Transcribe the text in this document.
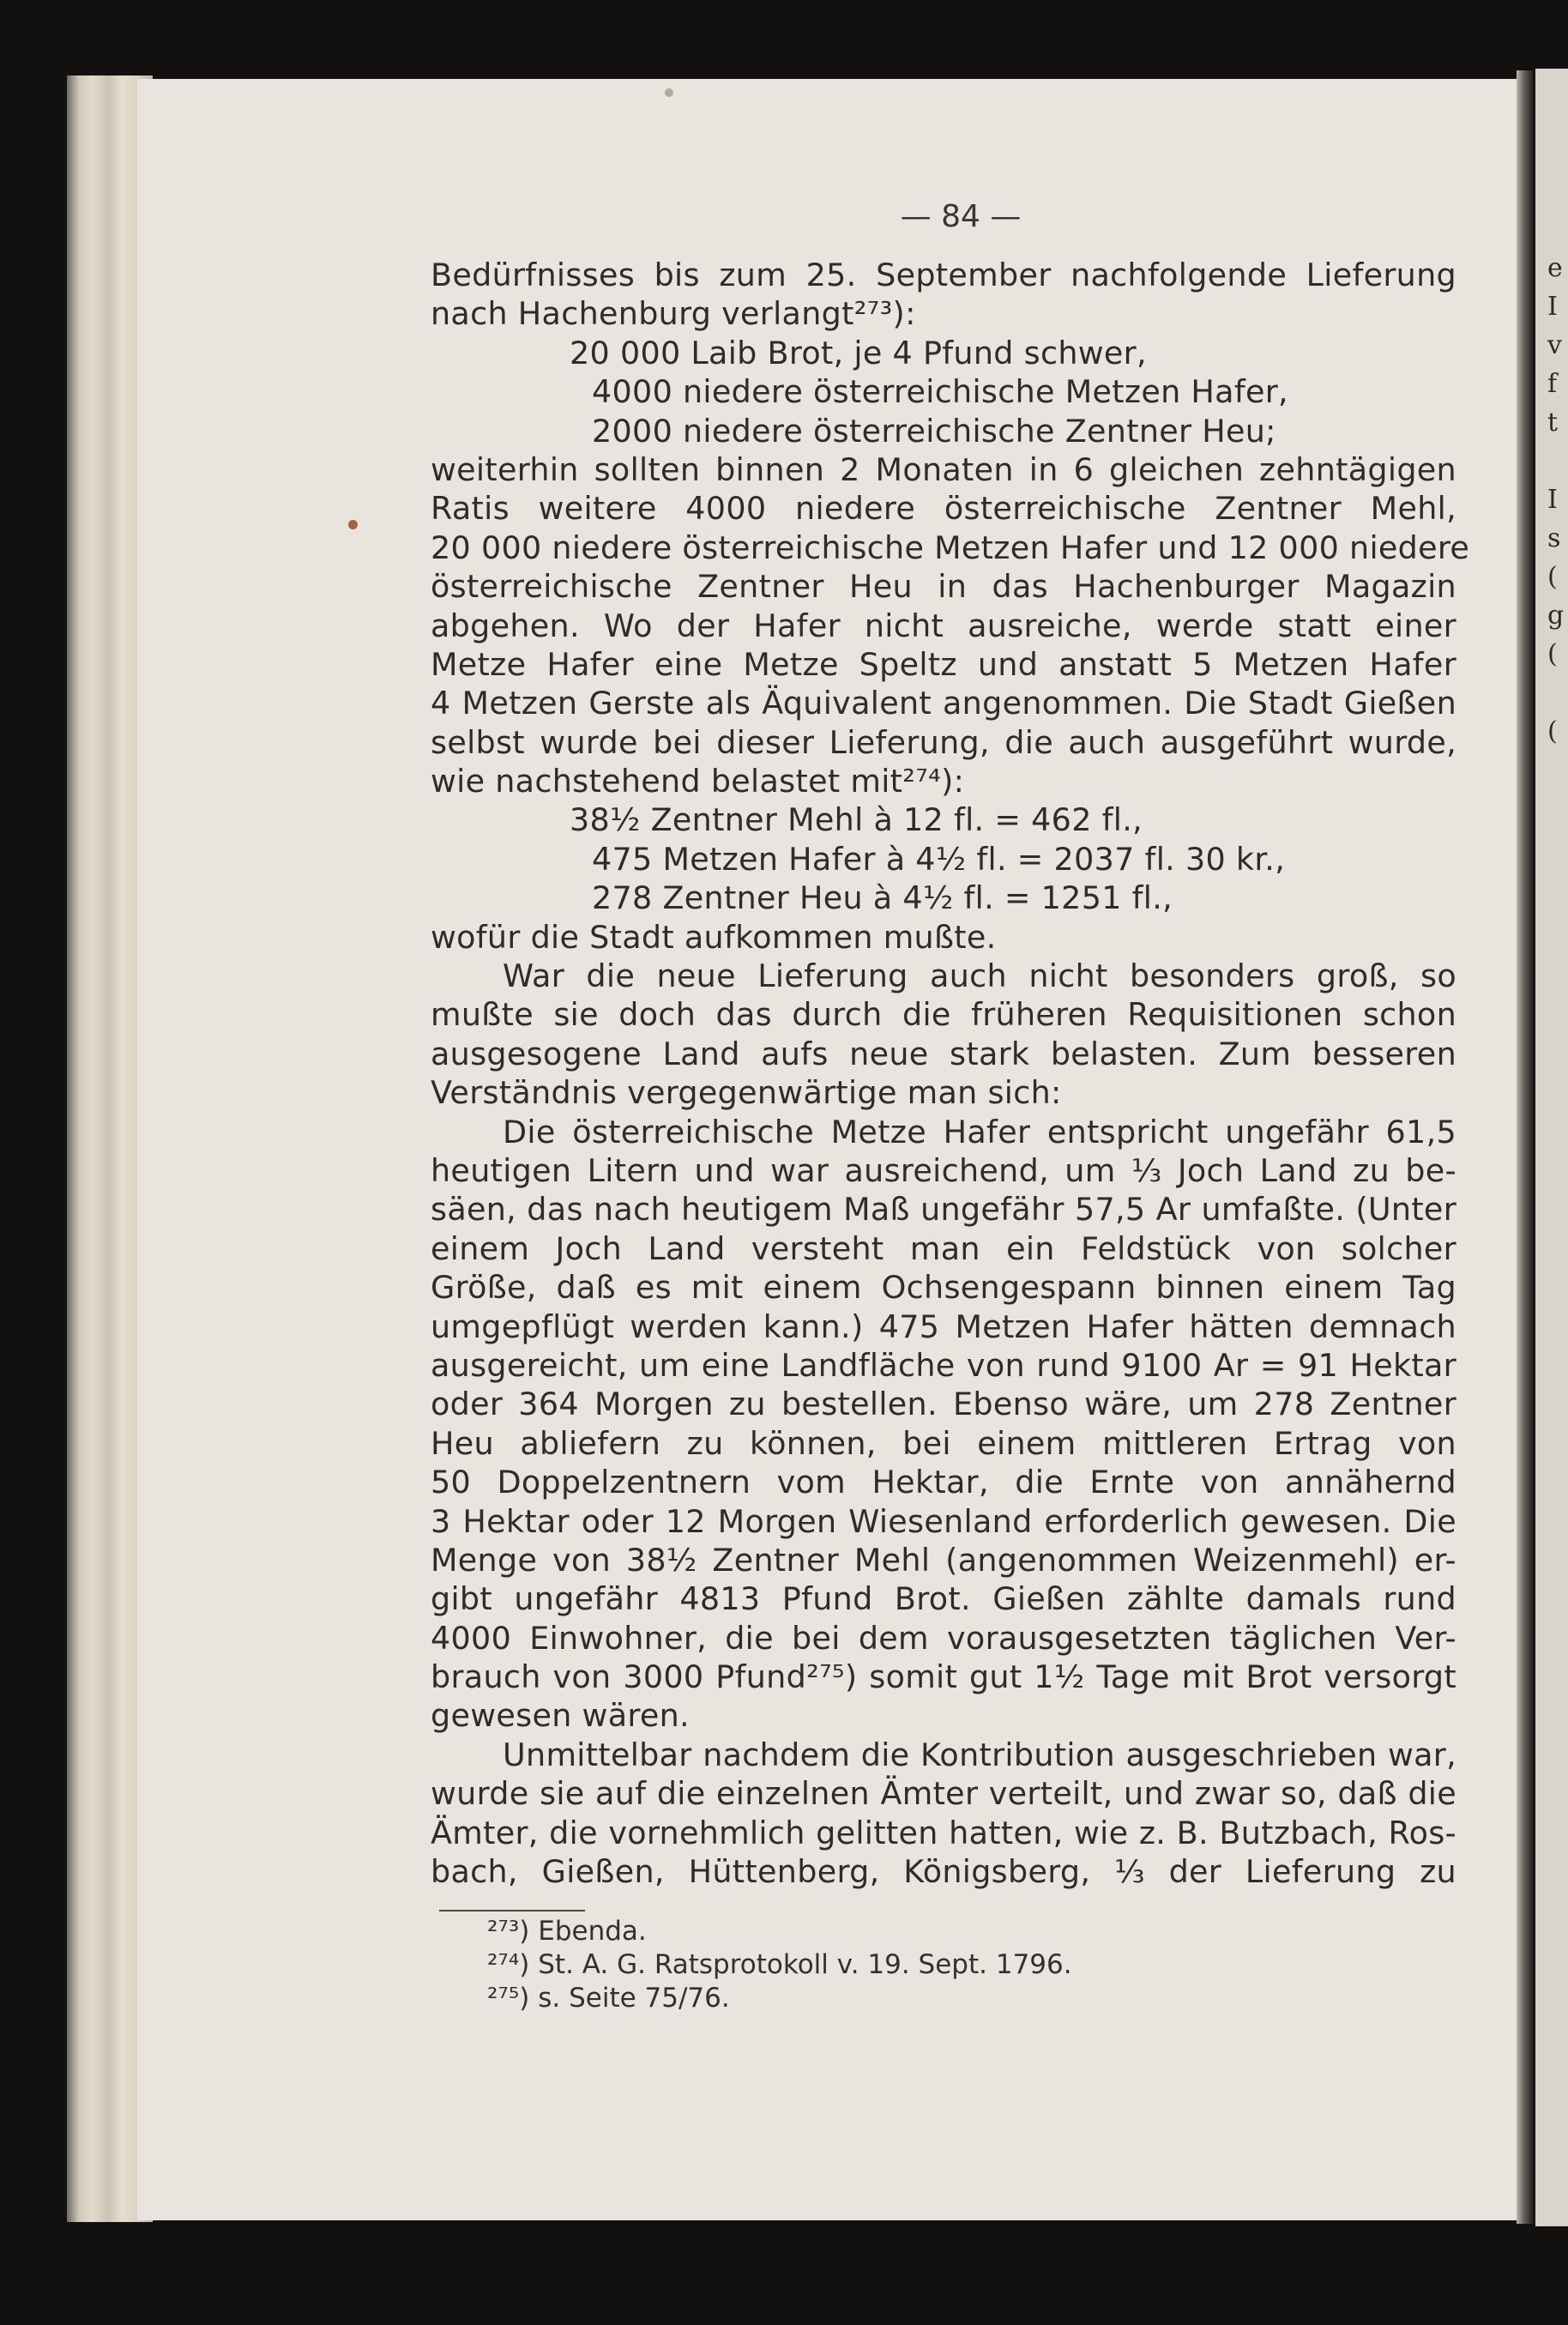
e
I
v
f
t
I
s
(
g
(
(
— 84 —
Bedürfnisses bis zum 25. September nachfolgende Lieferung
nach Hachenburg verlangt²⁷³):
20 000 Laib Brot, je 4 Pfund schwer,
4000 niedere österreichische Metzen Hafer,
2000 niedere österreichische Zentner Heu;
weiterhin sollten binnen 2 Monaten in 6 gleichen zehntägigen
Ratis weitere 4000 niedere österreichische Zentner Mehl,
20 000 niedere österreichische Metzen Hafer und 12 000 niedere
österreichische Zentner Heu in das Hachenburger Magazin
abgehen. Wo der Hafer nicht ausreiche, werde statt einer
Metze Hafer eine Metze Speltz und anstatt 5 Metzen Hafer
4 Metzen Gerste als Äquivalent angenommen. Die Stadt Gießen
selbst wurde bei dieser Lieferung, die auch ausgeführt wurde,
wie nachstehend belastet mit²⁷⁴):
38½ Zentner Mehl à 12 fl. = 462 fl.,
475 Metzen Hafer à 4½ fl. = 2037 fl. 30 kr.,
278 Zentner Heu à 4½ fl. = 1251 fl.,
wofür die Stadt aufkommen mußte.
War die neue Lieferung auch nicht besonders groß, so
mußte sie doch das durch die früheren Requisitionen schon
ausgesogene Land aufs neue stark belasten. Zum besseren
Verständnis vergegenwärtige man sich:
Die österreichische Metze Hafer entspricht ungefähr 61,5
heutigen Litern und war ausreichend, um ⅓ Joch Land zu be-
säen, das nach heutigem Maß ungefähr 57,5 Ar umfaßte. (Unter
einem Joch Land versteht man ein Feldstück von solcher
Größe, daß es mit einem Ochsengespann binnen einem Tag
umgepflügt werden kann.) 475 Metzen Hafer hätten demnach
ausgereicht, um eine Landfläche von rund 9100 Ar = 91 Hektar
oder 364 Morgen zu bestellen. Ebenso wäre, um 278 Zentner
Heu abliefern zu können, bei einem mittleren Ertrag von
50 Doppelzentnern vom Hektar, die Ernte von annähernd
3 Hektar oder 12 Morgen Wiesenland erforderlich gewesen. Die
Menge von 38½ Zentner Mehl (angenommen Weizenmehl) er-
gibt ungefähr 4813 Pfund Brot. Gießen zählte damals rund
4000 Einwohner, die bei dem vorausgesetzten täglichen Ver-
brauch von 3000 Pfund²⁷⁵) somit gut 1½ Tage mit Brot versorgt
gewesen wären.
Unmittelbar nachdem die Kontribution ausgeschrieben war,
wurde sie auf die einzelnen Ämter verteilt, und zwar so, daß die
Ämter, die vornehmlich gelitten hatten, wie z. B. Butzbach, Ros-
bach, Gießen, Hüttenberg, Königsberg, ⅓ der Lieferung zu
²⁷³) Ebenda.
²⁷⁴) St. A. G. Ratsprotokoll v. 19. Sept. 1796.
²⁷⁵) s. Seite 75/76.
